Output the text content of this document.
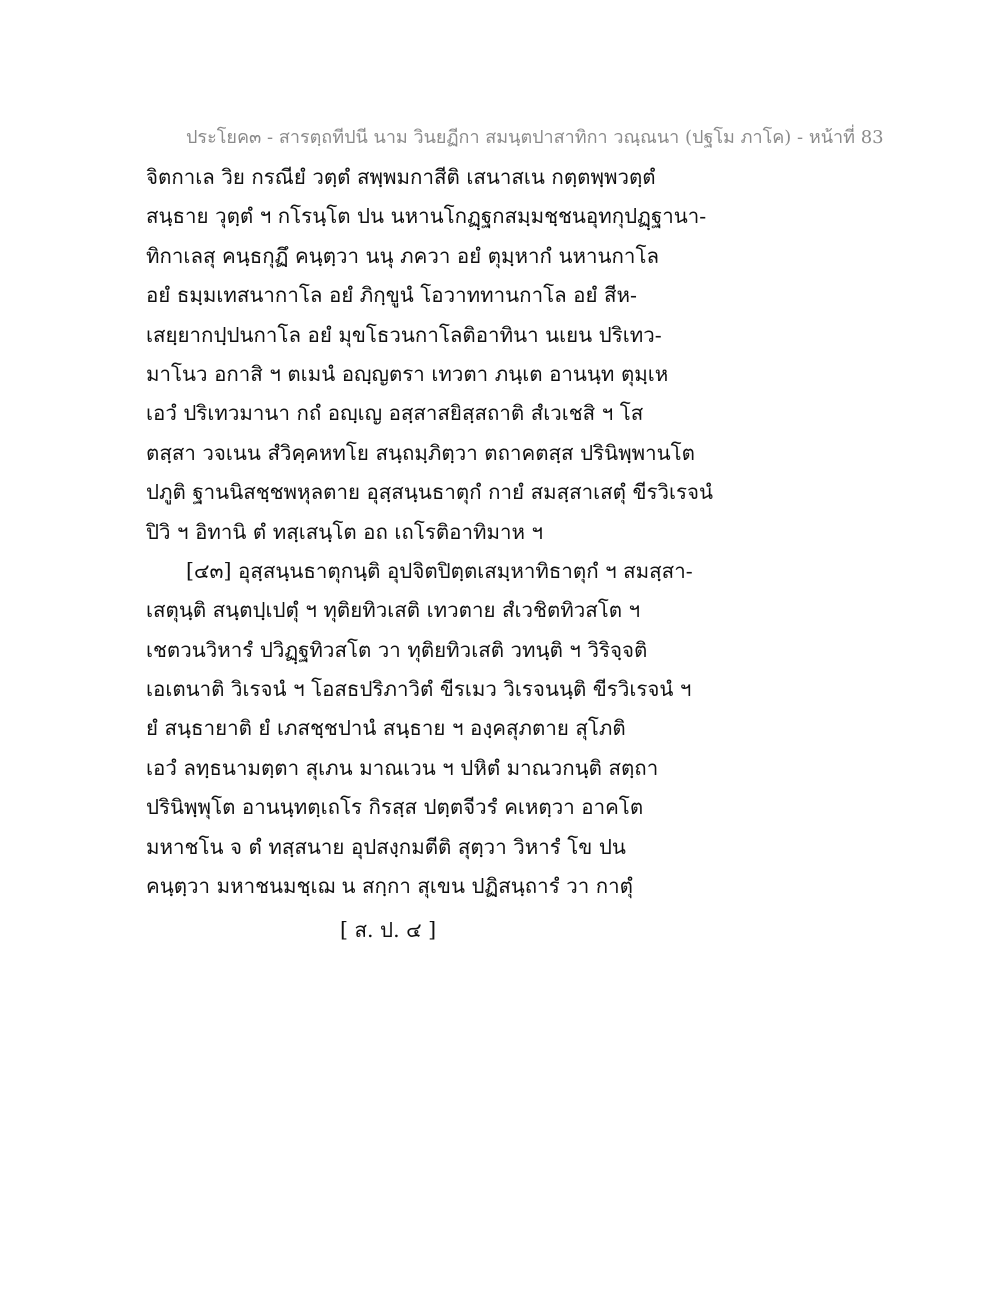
ประโยค๓ - สารตฺถทีปนี นาม วินยฏีกา สมนฺตปาสาทิกา วณฺณนา (ปฐโม ภาโค) - หน้าที่ 83
จิตกาเล วิย กรณียํ วตฺตํ สพฺพมกาสีติ เสนาสเน กตฺตพฺพวตฺตํ
สนฺธาย วุตฺตํ ฯ กโรนฺโต ปน นหานโกฏฺฐกสมฺมชฺชนอุทกุปฏฺฐานา-
ทิกาเลสุ คนฺธกุฏึ คนฺตฺวา นนุ ภควา อยํ ตุมฺหากํ นหานกาโล
อยํ ธมฺมเทสนากาโล อยํ ภิกฺขูนํ โอวาททานกาโล อยํ สีห-
เสยฺยากปฺปนกาโล อยํ มุขโธวนกาโลติอาทินา นเยน ปริเทว-
มาโนว อกาสิ ฯ ตเมนํ อญฺญตรา เทวตา ภนฺเต อานนฺท ตุมฺเห
เอวํ ปริเทวมานา กถํ อญฺเญ อสฺสาสยิสฺสถาติ สํเวเชสิ ฯ โส
ตสฺสา วจเนน สํวิคฺคหทโย สนฺถมฺภิตฺวา ตถาคตสฺส ปรินิพฺพานโต
ปภูติ ฐานนิสชฺชพหุลตาย อุสฺสนฺนธาตุกํ กายํ สมสฺสาเสตุํ ขีรวิเรจนํ
ปิวิ ฯ อิทานิ ตํ ทสฺเสนฺโต อถ เถโรติอาทิมาห ฯ
[๔๓] อุสฺสนฺนธาตุกนฺติ อุปจิตปิตฺตเสมฺหาทิธาตุกํ ฯ สมสฺสา-
เสตุนฺติ สนฺตปฺเปตุํ ฯ ทุติยทิวเสติ เทวตาย สํเวชิตทิวสโต ฯ
เชตวนวิหารํ ปวิฏฺฐทิวสโต วา ทุติยทิวเสติ วทนฺติ ฯ วิริจฺจติ
เอเตนาติ วิเรจนํ ฯ โอสธปริภาวิตํ ขีรเมว วิเรจนนฺติ ขีรวิเรจนํ ฯ
ยํ สนฺธายาติ ยํ เภสชฺชปานํ สนฺธาย ฯ องฺคสุภตาย สุโภติ
เอวํ ลทฺธนามตฺตา สุเภน มาณเวน ฯ ปหิตํ มาณวกนฺติ สตฺถา
ปรินิพฺพุโต อานนฺทตฺเถโร กิรสฺส ปตฺตจีวรํ คเหตฺวา อาคโต
มหาชโน จ ตํ ทสฺสนาย อุปสงฺกมตีติ สุตฺวา วิหารํ โข ปน
คนฺตฺวา มหาชนมชฺเฌ น สกฺกา สุเขน ปฏิสนฺถารํ วา กาตุํ
[ ส. ป. ๔ ]
